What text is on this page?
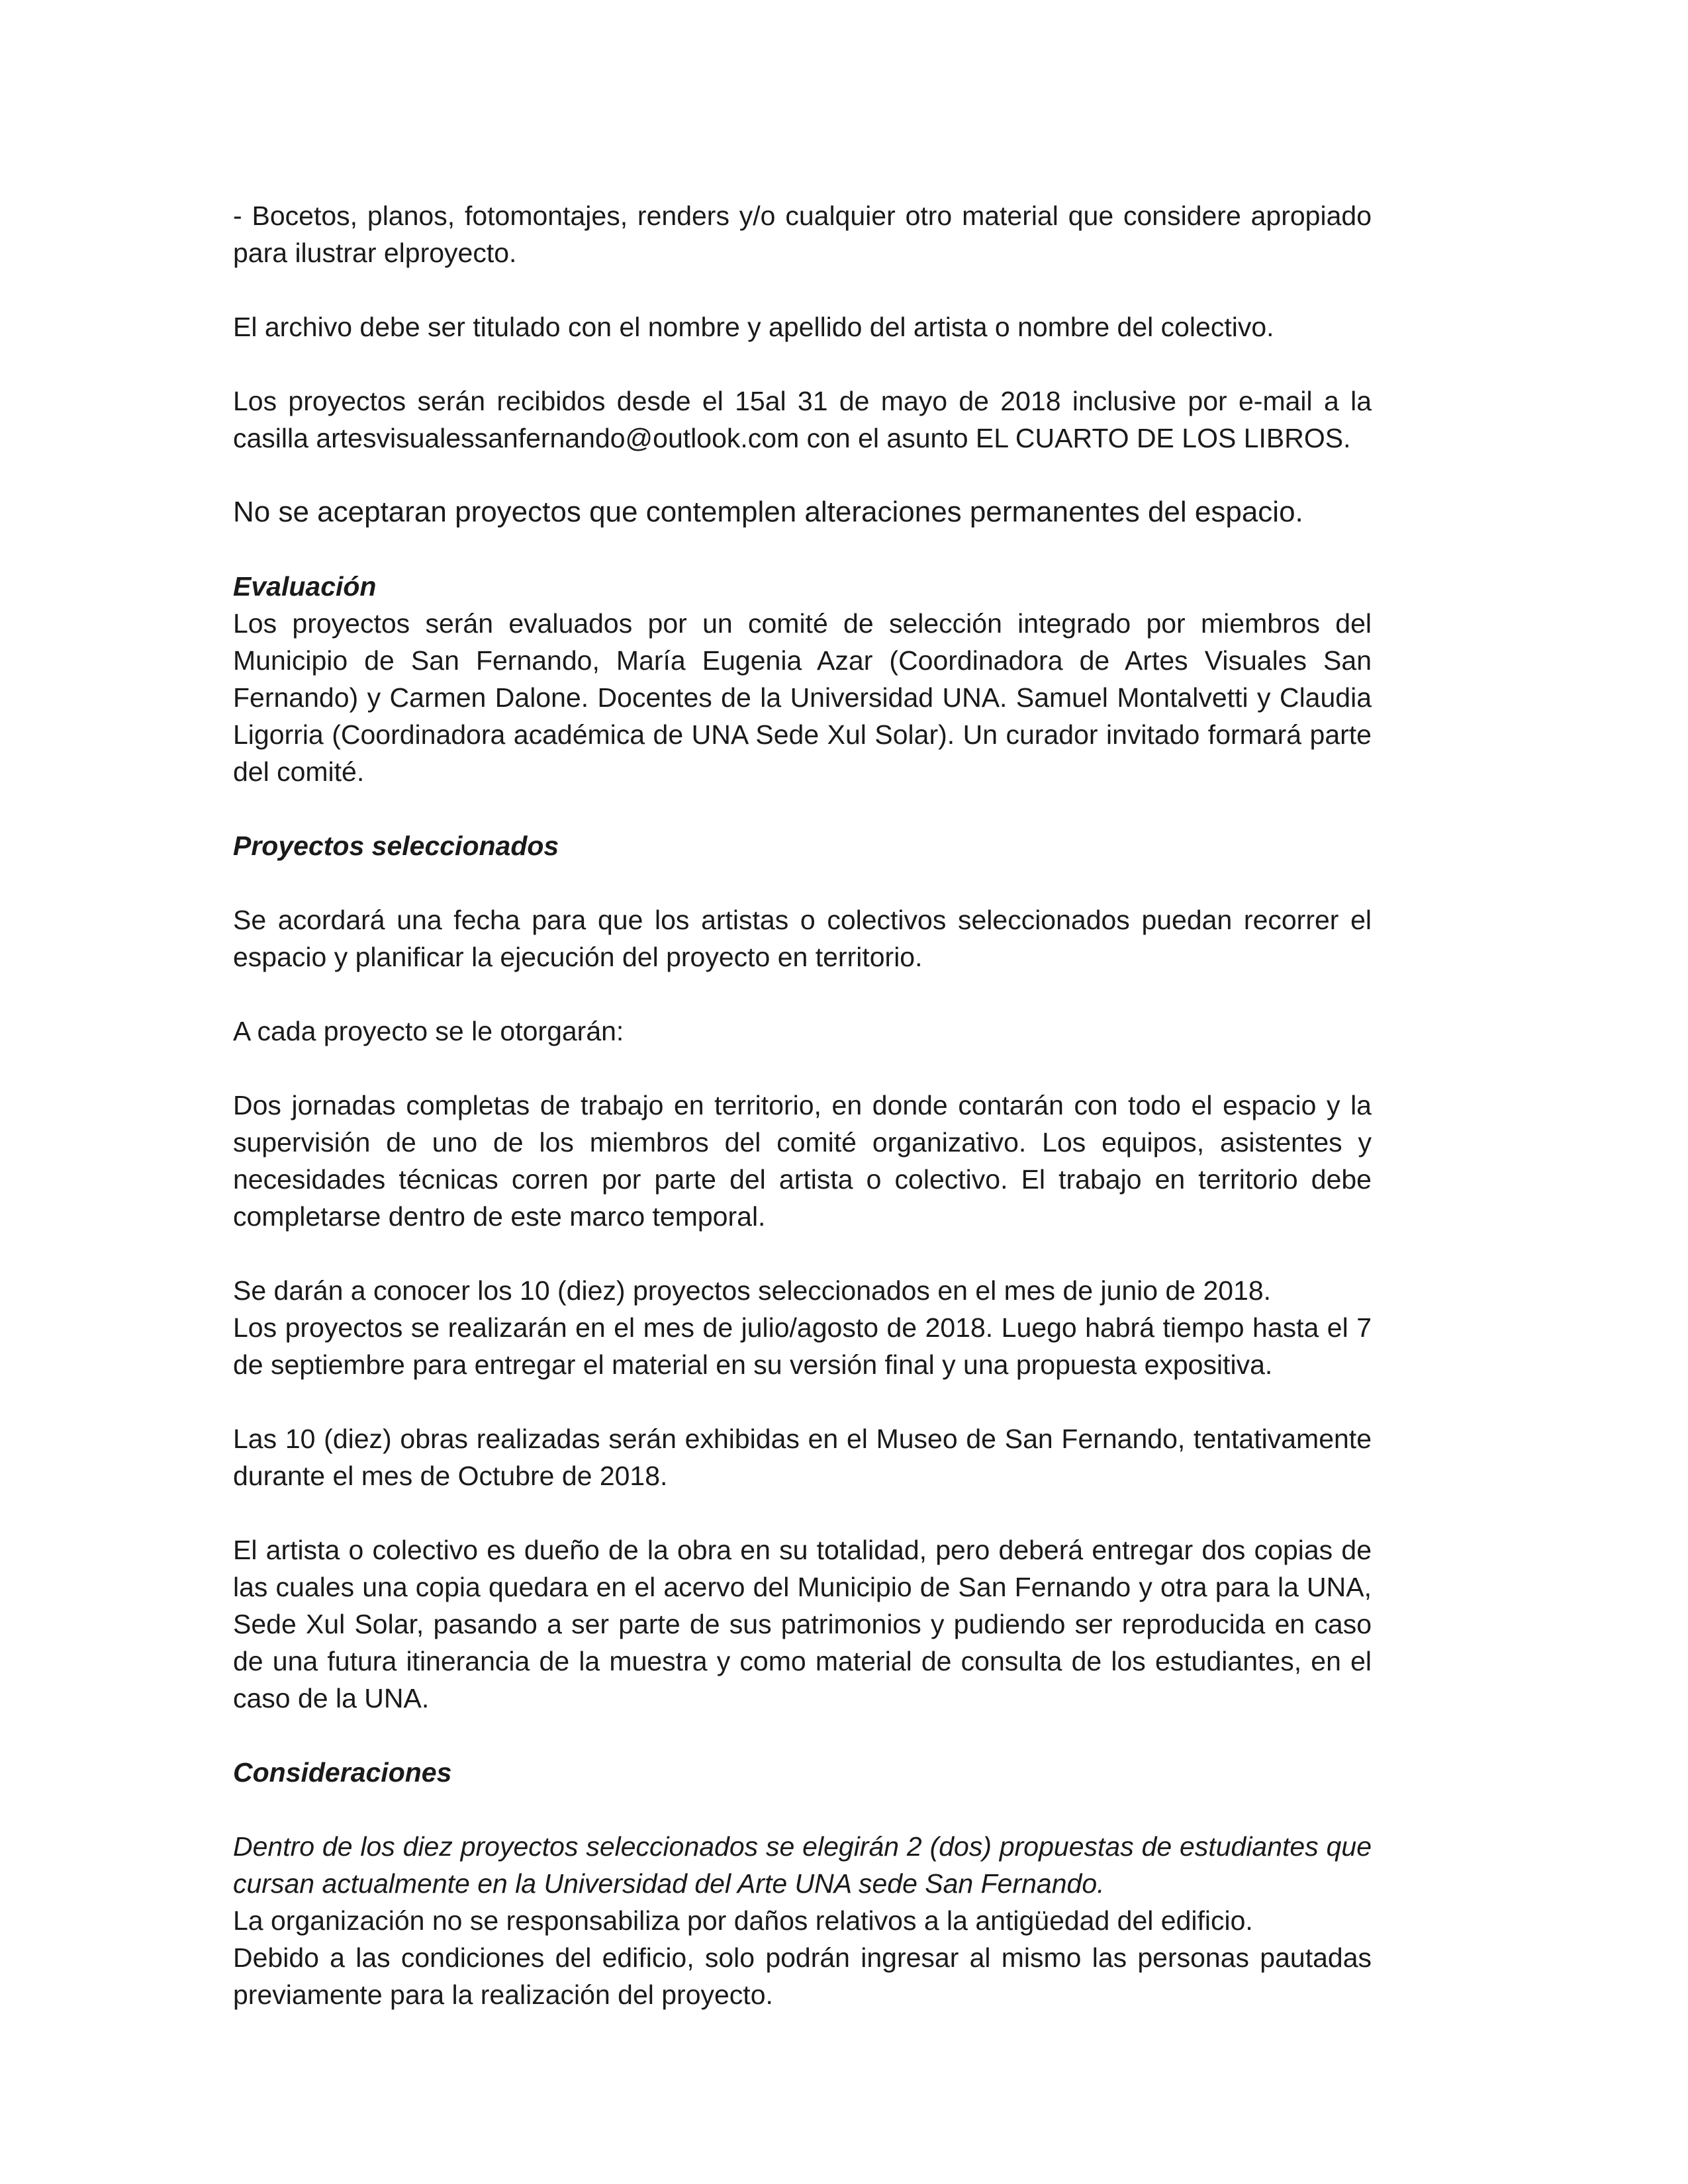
- Bocetos, planos, fotomontajes, renders y/o cualquier otro material que considere apropiado para ilustrar elproyecto.

El archivo debe ser titulado con el nombre y apellido del artista o nombre del colectivo.

Los proyectos serán recibidos desde el 15al 31 de mayo de 2018 inclusive por e-mail a la casilla artesvisualessanfernando@outlook.com con el asunto EL CUARTO DE LOS LIBROS.

No se aceptaran proyectos que contemplen alteraciones permanentes del espacio.

Evaluación

Los proyectos serán evaluados por un comité de selección integrado por miembros del Municipio de San Fernando, María Eugenia Azar (Coordinadora de Artes Visuales San Fernando) y Carmen Dalone. Docentes de la Universidad UNA. Samuel Montalvetti y Claudia Ligorria (Coordinadora académica de UNA Sede Xul Solar). Un curador invitado formará parte del comité.

Proyectos seleccionados

Se acordará una fecha para que los artistas o colectivos seleccionados puedan recorrer el espacio y planificar la ejecución del proyecto en territorio.

A cada proyecto se le otorgarán:

Dos jornadas completas de trabajo en territorio, en donde contarán con todo el espacio y la supervisión de uno de los miembros del comité organizativo. Los equipos, asistentes y necesidades técnicas corren por parte del artista o colectivo. El trabajo en territorio debe completarse dentro de este marco temporal.

Se darán a conocer los 10 (diez) proyectos seleccionados en el mes de junio de 2018.

Los proyectos se realizarán en el mes de julio/agosto de 2018. Luego habrá tiempo hasta el 7 de septiembre para entregar el material en su versión final y una propuesta expositiva.

Las 10 (diez) obras realizadas serán exhibidas en el Museo de San Fernando, tentativamente durante el mes de Octubre de 2018.

El artista o colectivo es dueño de la obra en su totalidad, pero deberá entregar dos copias de las cuales una copia quedara en el acervo del Municipio de San Fernando y otra para la UNA, Sede Xul Solar, pasando a ser parte de sus patrimonios y pudiendo ser reproducida en caso de una futura itinerancia de la muestra y como material de consulta de los estudiantes, en el caso de la UNA.

Consideraciones

Dentro de los diez proyectos seleccionados se elegirán 2 (dos) propuestas de estudiantes que cursan actualmente en la Universidad del Arte UNA sede San Fernando.

La organización no se responsabiliza por daños relativos a la antigüedad del edificio.

Debido a las condiciones del edificio, solo podrán ingresar al mismo las personas pautadas previamente para la realización del proyecto.
